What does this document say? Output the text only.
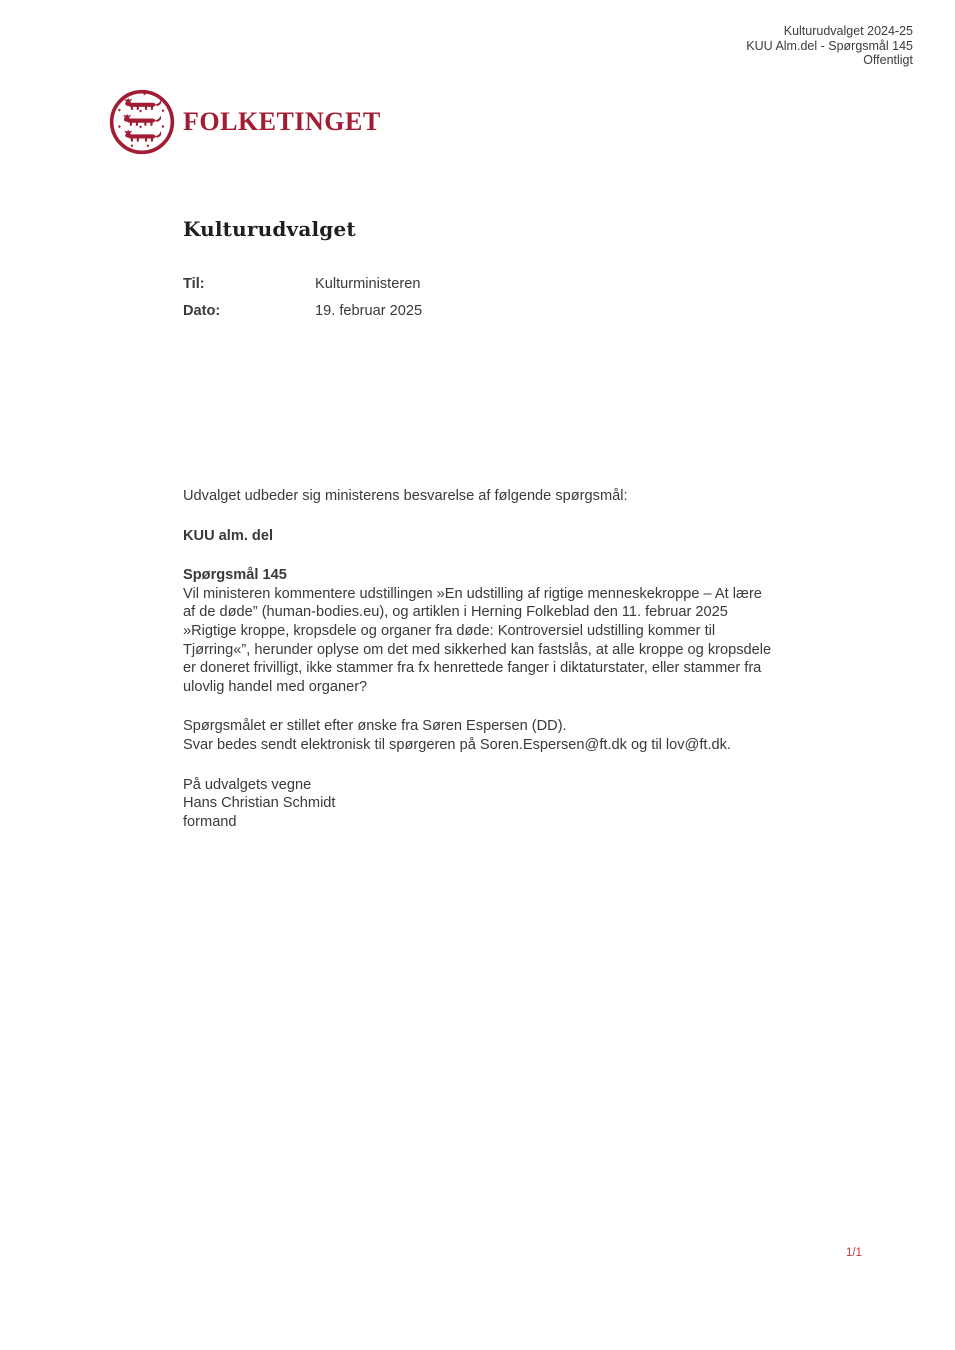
Kulturudvalget 2024-25
KUU Alm.del - Spørgsmål 145
Offentligt
FOLKETINGET
Kulturudvalget
Til:	Kulturministeren
Dato:	19. februar 2025

Udvalget udbeder sig ministerens besvarelse af følgende spørgsmål:

KUU alm. del

Spørgsmål 145

Vil ministeren kommentere udstillingen »En udstilling af rigtige menneskekroppe – At lære af de døde” (human-bodies.eu), og artiklen i Herning Folkeblad den 11. februar 2025 »Rigtige kroppe, kropsdele og organer fra døde: Kontroversiel udstilling kommer til Tjørring«”, herunder oplyse om det med sikkerhed kan fastslås, at alle kroppe og kropsdele er doneret frivilligt, ikke stammer fra fx henrettede fanger i diktaturstater, eller stammer fra ulovlig handel med organer?

Spørgsmålet er stillet efter ønske fra Søren Espersen (DD).
Svar bedes sendt elektronisk til spørgeren på Soren.Espersen@ft.dk og til lov@ft.dk.

På udvalgets vegne
Hans Christian Schmidt
formand

1/1
